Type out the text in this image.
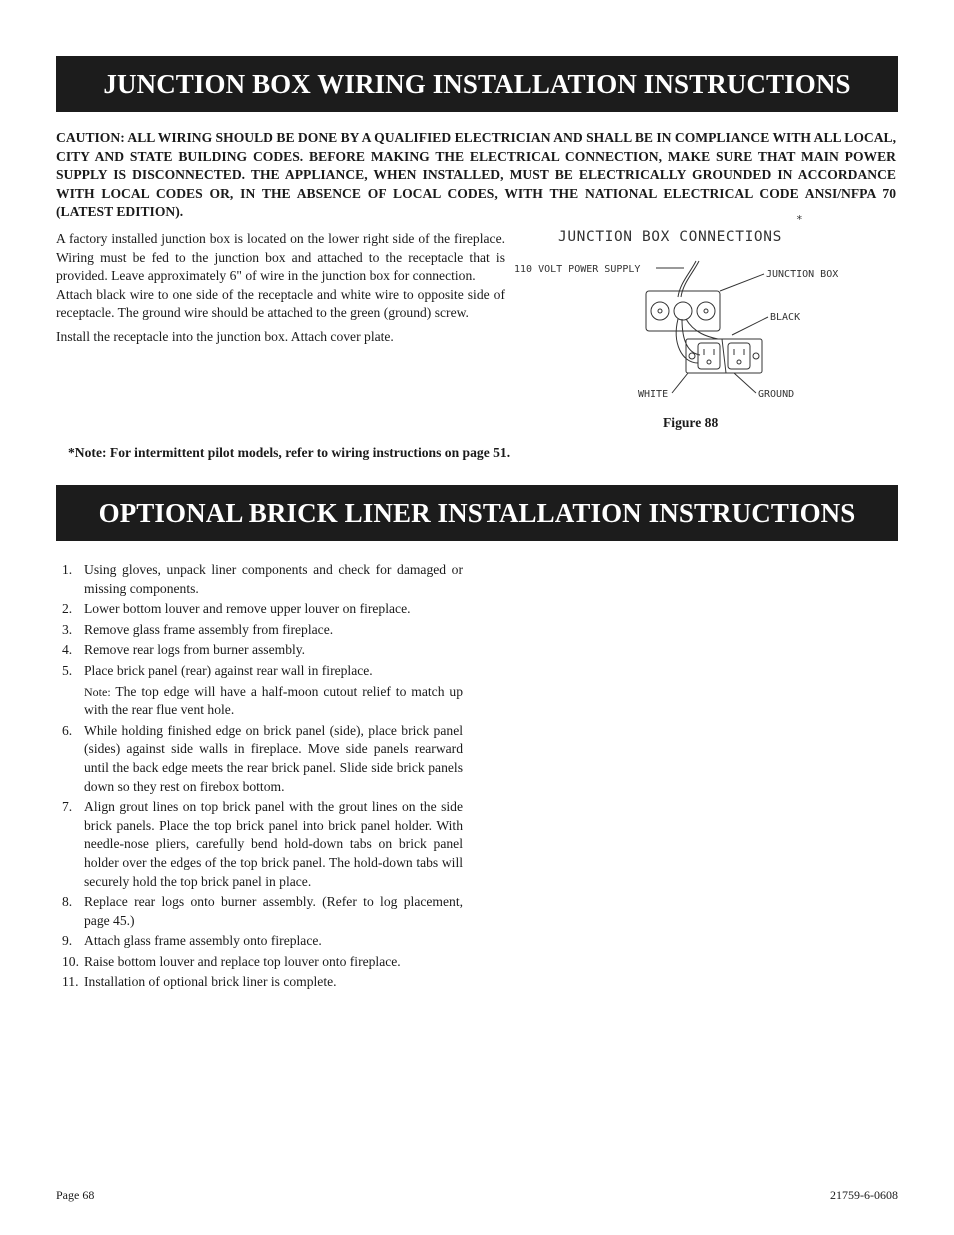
JUNCTION BOX WIRING INSTALLATION INSTRUCTIONS
CAUTION: ALL WIRING SHOULD BE DONE BY A QUALIFIED ELECTRICIAN AND SHALL BE IN COMPLIANCE WITH ALL LOCAL, CITY AND STATE BUILDING CODES. BEFORE MAKING THE ELECTRICAL CONNECTION, MAKE SURE THAT MAIN POWER SUPPLY IS DISCONNECTED. THE APPLIANCE, WHEN INSTALLED, MUST BE ELECTRICALLY GROUNDED IN ACCORDANCE WITH LOCAL CODES OR, IN THE ABSENCE OF LOCAL CODES, WITH THE NATIONAL ELECTRICAL CODE ANSI/NFPA 70 (LATEST EDITION).

A factory installed junction box is located on the lower right side of the fireplace. Wiring must be fed to the junction box and attached to the receptacle that is provided. Leave approximately 6" of wire in the junction box for connection.

Attach black wire to one side of the receptacle and white wire to opposite side of receptacle. The ground wire should be attached to the green (ground) screw.

Install the receptacle into the junction box. Attach cover plate.

*
JUNCTION BOX CONNECTIONS
110 VOLT POWER SUPPLY	JUNCTION BOX
BLACK
WHITE	GROUND
Figure 88
*Note: For intermittent pilot models, refer to wiring instructions on page 51.
OPTIONAL BRICK LINER INSTALLATION INSTRUCTIONS
1. Using gloves, unpack liner components and check for damaged or missing components.
2. Lower bottom louver and remove upper louver on fireplace.
3. Remove glass frame assembly from fireplace.
4. Remove rear logs from burner assembly.
5. Place brick panel (rear) against rear wall in fireplace.
Note: The top edge will have a half-moon cutout relief to match up with the rear flue vent hole.
6. While holding finished edge on brick panel (side), place brick panel (sides) against side walls in fireplace. Move side panels rearward until the back edge meets the rear brick panel. Slide side brick panels down so they rest on firebox bottom.
7. Align grout lines on top brick panel with the grout lines on the side brick panels. Place the top brick panel into brick panel holder. With needle-nose pliers, carefully bend hold-down tabs on brick panel holder over the edges of the top brick panel. The hold-down tabs will securely hold the top brick panel in place.
8. Replace rear logs onto burner assembly. (Refer to log placement, page 45.)
9. Attach glass frame assembly onto fireplace.
10. Raise bottom louver and replace top louver onto fireplace.
11. Installation of optional brick liner is complete.
Page 68	21759-6-0608
